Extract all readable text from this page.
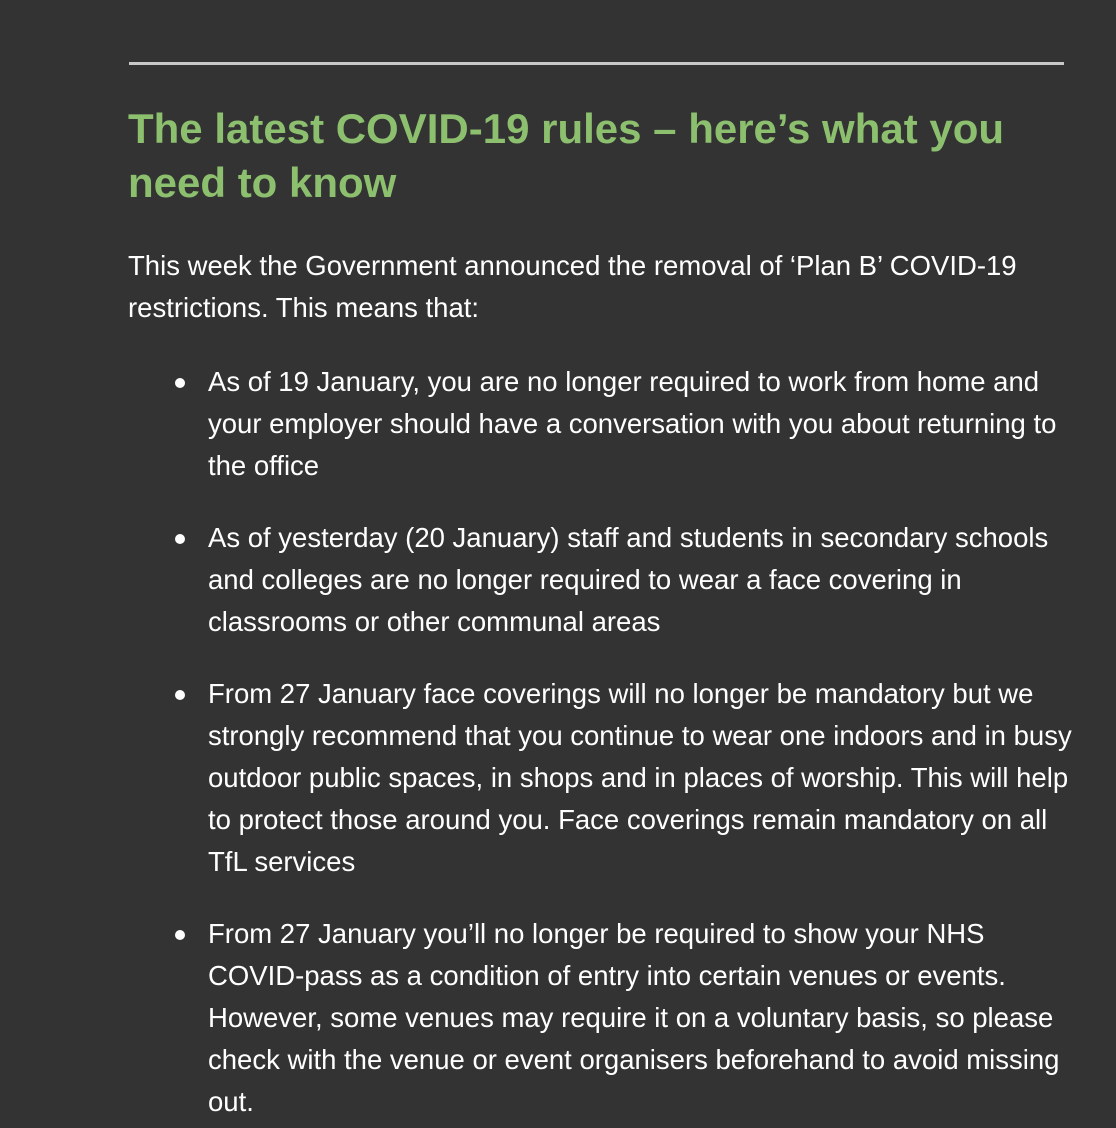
The latest COVID-19 rules – here’s what you need to know

This week the Government announced the removal of ‘Plan B’ COVID-19 restrictions. This means that:

As of 19 January, you are no longer required to work from home and your employer should have a conversation with you about returning to the office
As of yesterday (20 January) staff and students in secondary schools and colleges are no longer required to wear a face covering in classrooms or other communal areas
From 27 January face coverings will no longer be mandatory but we strongly recommend that you continue to wear one indoors and in busy outdoor public spaces, in shops and in places of worship. This will help to protect those around you. Face coverings remain mandatory on all TfL services
From 27 January you’ll no longer be required to show your NHS COVID-pass as a condition of entry into certain venues or events. However, some venues may require it on a voluntary basis, so please check with the venue or event organisers beforehand to avoid missing out.
